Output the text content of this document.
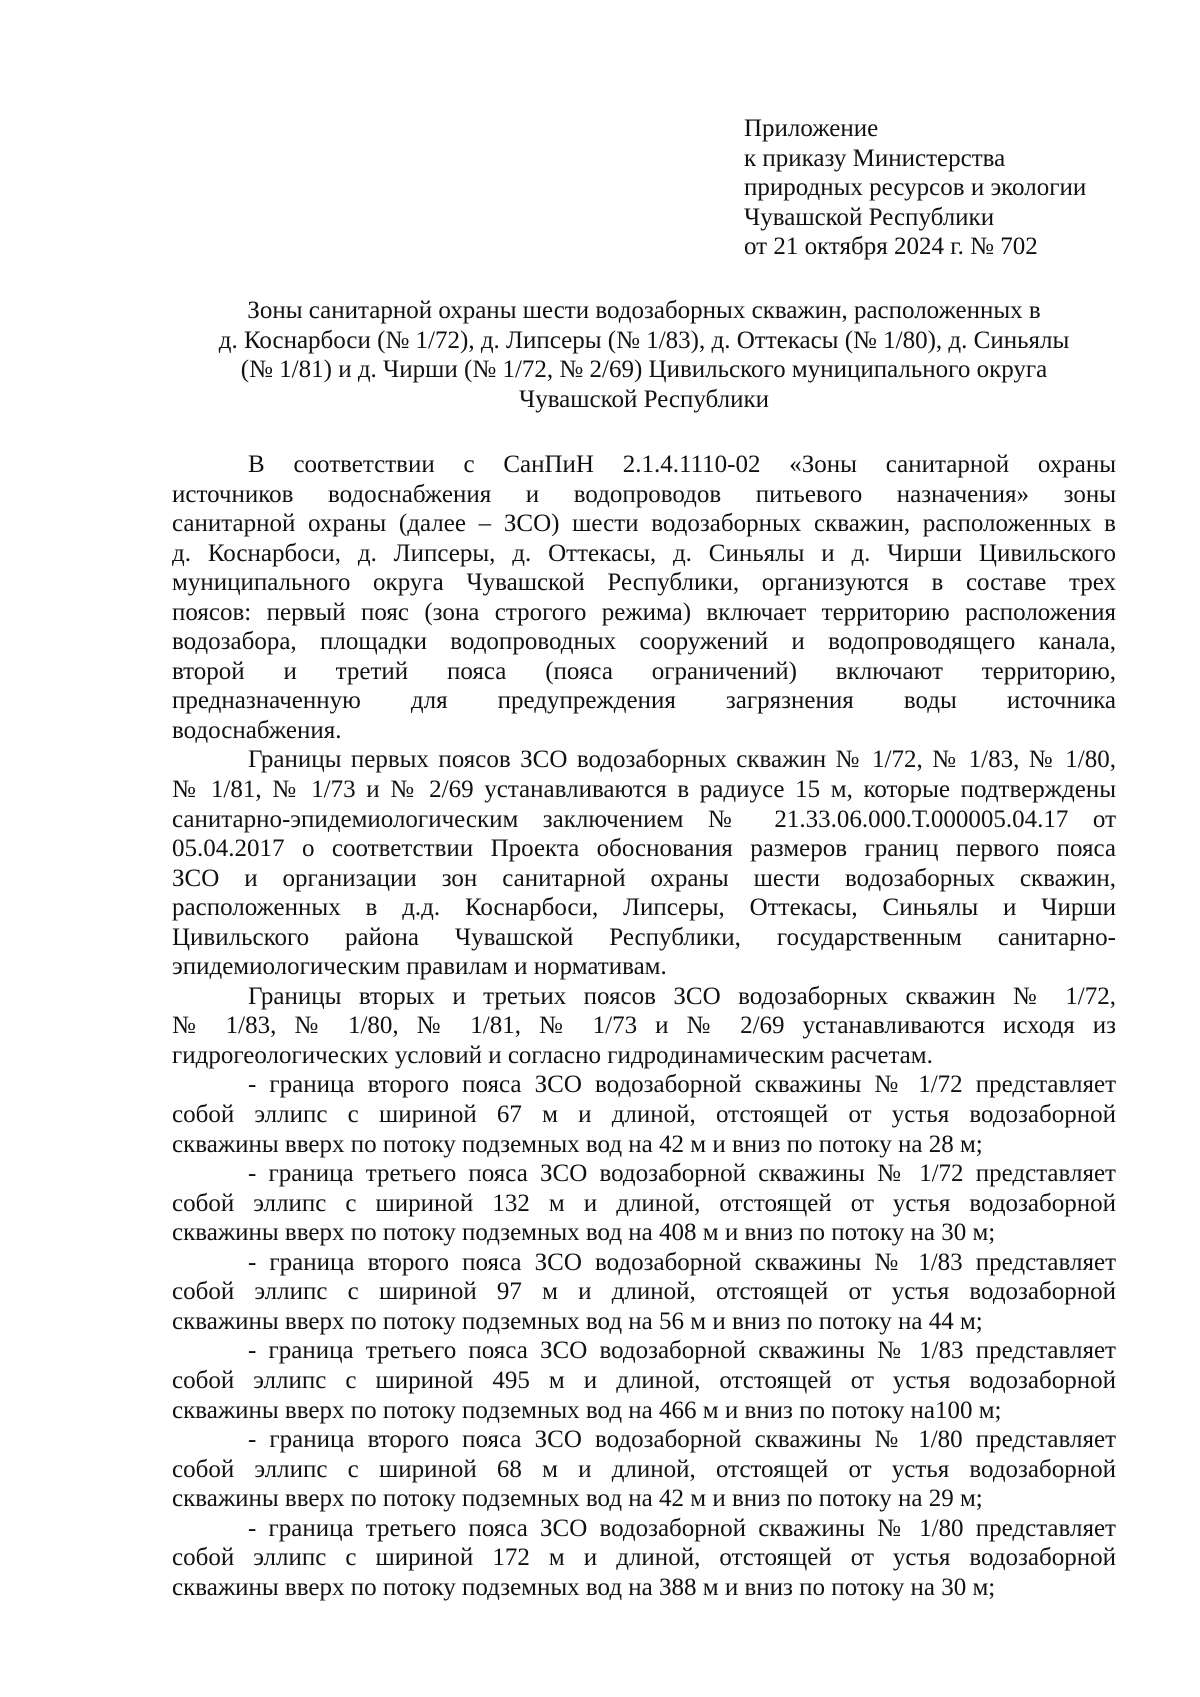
Приложение
к приказу Министерства
природных ресурсов и экологии
Чувашской Республики
от 21 октября 2024 г. № 702
Зоны санитарной охраны шести водозаборных скважин, расположенных в
д. Коснарбоси (№ 1/72), д. Липсеры (№ 1/83), д. Оттекасы (№ 1/80), д. Синьялы
(№ 1/81) и д. Чирши (№ 1/72, № 2/69) Цивильского муниципального округа
Чувашской Республики
В соответствии с СанПиН 2.1.4.1110-02 «Зоны санитарной охраны
источников водоснабжения и водопроводов питьевого назначения» зоны
санитарной охраны (далее – ЗСО) шести водозаборных скважин, расположенных в
д. Коснарбоси, д. Липсеры, д. Оттекасы, д. Синьялы и д. Чирши Цивильского
муниципального округа Чувашской Республики, организуются в составе трех
поясов: первый пояс (зона строгого режима) включает территорию расположения
водозабора, площадки водопроводных сооружений и водопроводящего канала,
второй и третий пояса (пояса ограничений) включают территорию,
предназначенную для предупреждения загрязнения воды источника
водоснабжения.
Границы первых поясов ЗСО водозаборных скважин № 1/72, № 1/83, № 1/80,
№ 1/81, № 1/73 и № 2/69 устанавливаются в радиусе 15 м, которые подтверждены
санитарно-эпидемиологическим заключением № 21.33.06.000.Т.000005.04.17 от
05.04.2017 о соответствии Проекта обоснования размеров границ первого пояса
ЗСО и организации зон санитарной охраны шести водозаборных скважин,
расположенных в д.д. Коснарбоси, Липсеры, Оттекасы, Синьялы и Чирши
Цивильского района Чувашской Республики, государственным санитарно-
эпидемиологическим правилам и нормативам.
Границы вторых и третьих поясов ЗСО водозаборных скважин № 1/72,
№ 1/83, № 1/80, № 1/81, № 1/73 и № 2/69 устанавливаются исходя из
гидрогеологических условий и согласно гидродинамическим расчетам.
- граница второго пояса ЗСО водозаборной скважины № 1/72 представляет
собой эллипс с шириной 67 м и длиной, отстоящей от устья водозаборной
скважины вверх по потоку подземных вод на 42 м и вниз по потоку на 28 м;
- граница третьего пояса ЗСО водозаборной скважины № 1/72 представляет
собой эллипс с шириной 132 м и длиной, отстоящей от устья водозаборной
скважины вверх по потоку подземных вод на 408 м и вниз по потоку на 30 м;
- граница второго пояса ЗСО водозаборной скважины № 1/83 представляет
собой эллипс с шириной 97 м и длиной, отстоящей от устья водозаборной
скважины вверх по потоку подземных вод на 56 м и вниз по потоку на 44 м;
- граница третьего пояса ЗСО водозаборной скважины № 1/83 представляет
собой эллипс с шириной 495 м и длиной, отстоящей от устья водозаборной
скважины вверх по потоку подземных вод на 466 м и вниз по потоку на100 м;
- граница второго пояса ЗСО водозаборной скважины № 1/80 представляет
собой эллипс с шириной 68 м и длиной, отстоящей от устья водозаборной
скважины вверх по потоку подземных вод на 42 м и вниз по потоку на 29 м;
- граница третьего пояса ЗСО водозаборной скважины № 1/80 представляет
собой эллипс с шириной 172 м и длиной, отстоящей от устья водозаборной
скважины вверх по потоку подземных вод на 388 м и вниз по потоку на 30 м;
